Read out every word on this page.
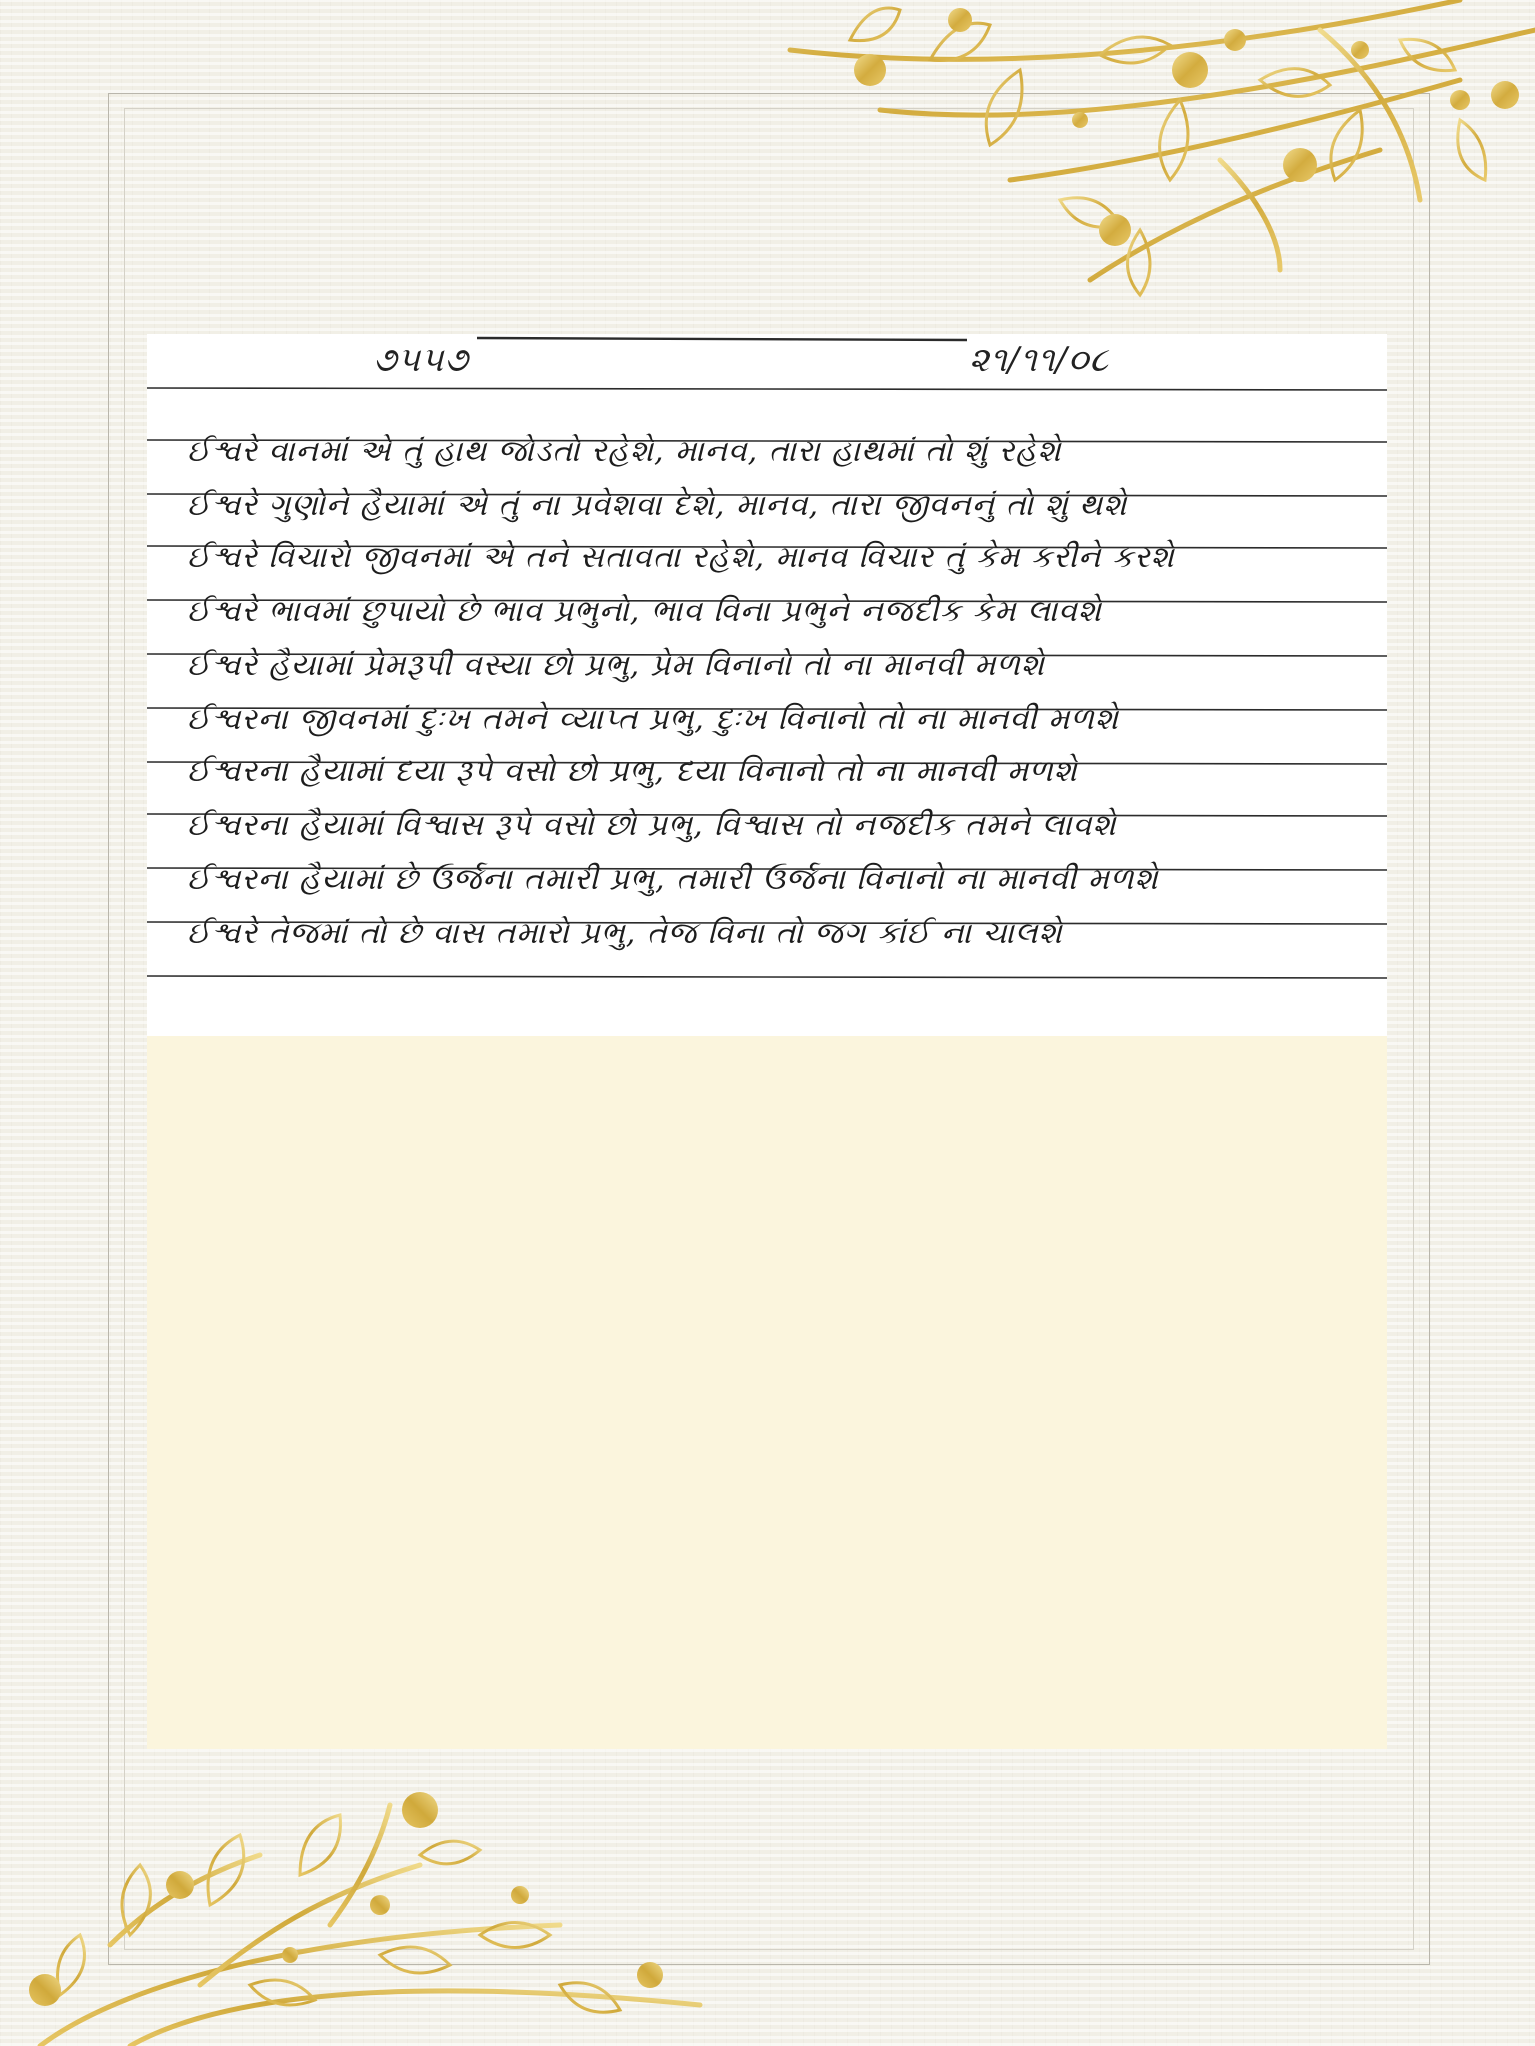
૭૫૫૭	૨૧/૧૧/૦૮
ઈશ્વરે વાનમાં એ તું હાથ જોડતો રહેશે, માનવ, તારા હાથમાં તો શું રહેશે
ઈશ્વરે ગુણોને હૈયામાં એ તું ના પ્રવેશવા દેશે, માનવ, તારા જીવનનું તો શું થશે
ઈશ્વરે વિચારો જીવનમાં એ તને સતાવતા રહેશે, માનવ વિચાર તું કેમ કરીને કરશે
ઈશ્વરે ભાવમાં છુપાયો છે ભાવ પ્રભુનો, ભાવ વિના પ્રભુને નજદીક કેમ લાવશે
ઈશ્વરે હૈયામાં પ્રેમરૂપી વસ્યા છો પ્રભુ, પ્રેમ વિનાનો તો ના માનવી મળશે
ઈશ્વરના જીવનમાં દુઃખ તમને વ્યાપ્ત પ્રભુ, દુઃખ વિનાનો તો ના માનવી મળશે
ઈશ્વરના હૈયામાં દયા રૂપે વસો છો પ્રભુ, દયા વિનાનો તો ના માનવી મળશે
ઈશ્વરના હૈયામાં વિશ્વાસ રૂપે વસો છો પ્રભુ, વિશ્વાસ તો નજદીક તમને લાવશે
ઈશ્વરના હૈયામાં છે ઉર્જના તમારી પ્રભુ, તમારી ઉર્જના વિનાનો ના માનવી મળશે
ઈશ્વરે તેજમાં તો છે વાસ તમારો પ્રભુ, તેજ વિના તો જગ કાંઈ ના ચાલશે
